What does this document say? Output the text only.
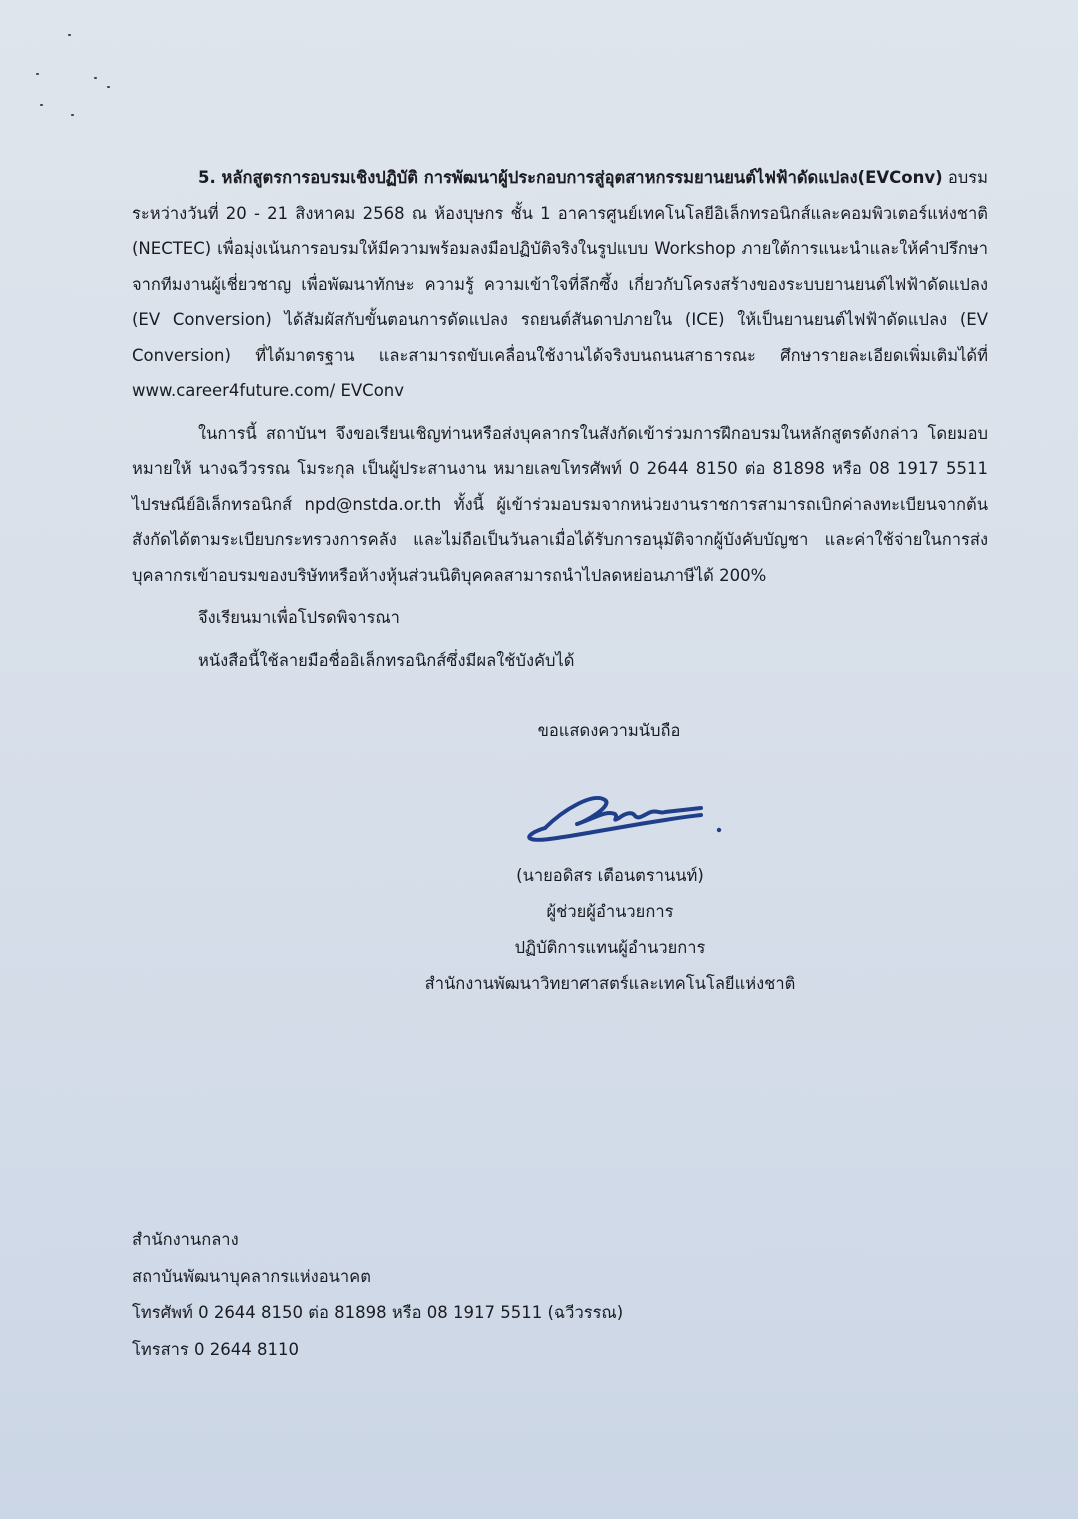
5. หลักสูตรการอบรมเชิงปฏิบัติ การพัฒนาผู้ประกอบการสู่อุตสาหกรรมยานยนต์ไฟฟ้าดัดแปลง(EVConv) อบรมระหว่างวันที่ 20 - 21 สิงหาคม 2568 ณ ห้องบุษกร ชั้น 1 อาคารศูนย์เทคโนโลยีอิเล็กทรอนิกส์และคอมพิวเตอร์แห่งชาติ (NECTEC) เพื่อมุ่งเน้นการอบรมให้มีความพร้อมลงมือปฏิบัติจริงในรูปแบบ Workshop ภายใต้การแนะนำและให้คำปรึกษาจากทีมงานผู้เชี่ยวชาญ เพื่อพัฒนาทักษะ ความรู้ ความเข้าใจที่ลึกซึ้ง เกี่ยวกับโครงสร้างของระบบยานยนต์ไฟฟ้าดัดแปลง (EV Conversion) ได้สัมผัสกับขั้นตอนการดัดแปลง รถยนต์สันดาปภายใน (ICE) ให้เป็นยานยนต์ไฟฟ้าดัดแปลง (EV Conversion) ที่ได้มาตรฐาน และสามารถขับเคลื่อนใช้งานได้จริงบนถนนสาธารณะ ศึกษารายละเอียดเพิ่มเติมได้ที่ www.career4future.com/ EVConv

ในการนี้ สถาบันฯ จึงขอเรียนเชิญท่านหรือส่งบุคลากรในสังกัดเข้าร่วมการฝึกอบรมในหลักสูตรดังกล่าว โดยมอบหมายให้ นางฉวีวรรณ โมระกุล เป็นผู้ประสานงาน หมายเลขโทรศัพท์ 0 2644 8150 ต่อ 81898 หรือ 08 1917 5511 ไปรษณีย์อิเล็กทรอนิกส์ npd@nstda.or.th ทั้งนี้ ผู้เข้าร่วมอบรมจากหน่วยงานราชการสามารถเบิกค่าลงทะเบียนจากต้นสังกัดได้ตามระเบียบกระทรวงการคลัง และไม่ถือเป็นวันลาเมื่อได้รับการอนุมัติจากผู้บังคับบัญชา และค่าใช้จ่ายในการส่งบุคลากรเข้าอบรมของบริษัทหรือห้างหุ้นส่วนนิติบุคคลสามารถนำไปลดหย่อนภาษีได้ 200%

จึงเรียนมาเพื่อโปรดพิจารณา

หนังสือนี้ใช้ลายมือชื่ออิเล็กทรอนิกส์ซึ่งมีผลใช้บังคับได้

ขอแสดงความนับถือ
(นายอดิสร เตือนตรานนท์)
ผู้ช่วยผู้อำนวยการ
ปฏิบัติการแทนผู้อำนวยการ
สำนักงานพัฒนาวิทยาศาสตร์และเทคโนโลยีแห่งชาติ
สำนักงานกลาง
สถาบันพัฒนาบุคลากรแห่งอนาคต
โทรศัพท์ 0 2644 8150 ต่อ 81898 หรือ 08 1917 5511 (ฉวีวรรณ)
โทรสาร 0 2644 8110
